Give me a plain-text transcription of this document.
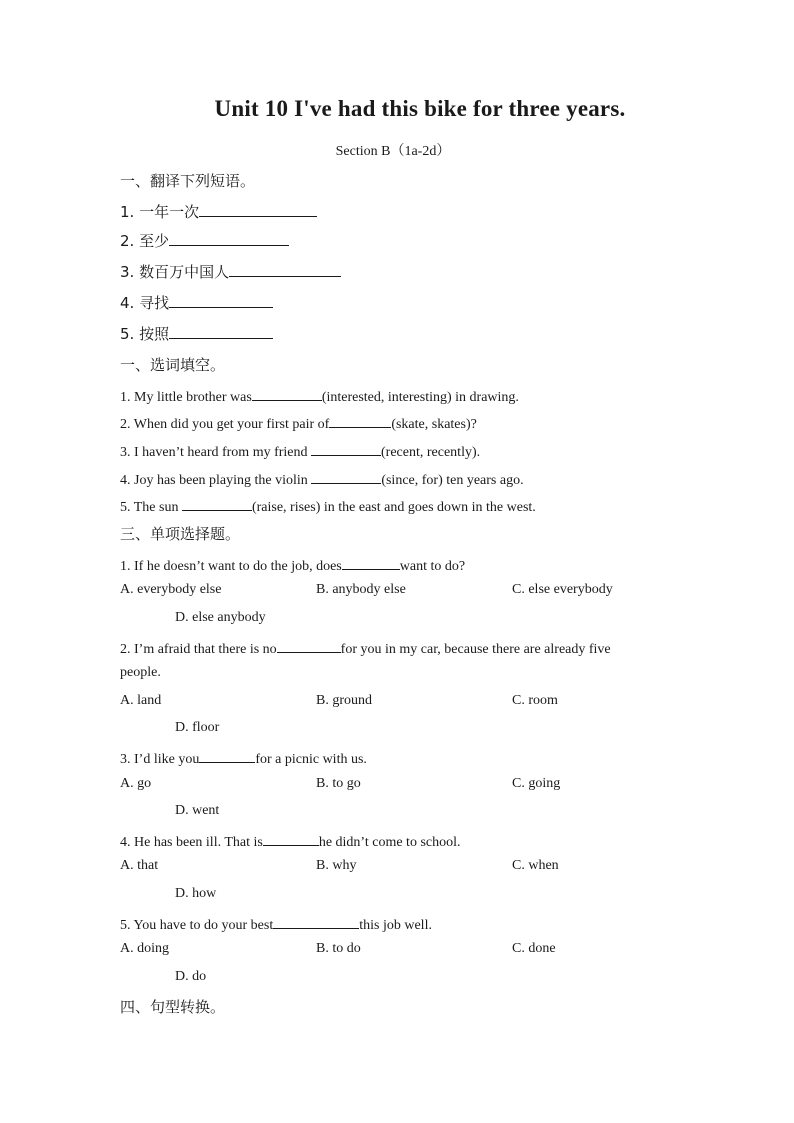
Unit 10 I've had this bike for three years.
Section B（1a-2d）
一、翻译下列短语。
1. 一年一次
2. 至少
3. 数百万中国人
4. 寻找
5. 按照
一、选词填空。
1. My little brother was	(interested, interesting) in drawing.
2. When did you get your first pair of	(skate, skates)?
3. I haven’t heard from my friend	(recent, recently).
4. Joy has been playing the violin	(since, for) ten years ago.
5. The sun	(raise, rises) in the east and goes down in the west.
三、单项选择题。
1. If he doesn’t want to do the job, does	want to do?
A. everybody else	B. anybody else	C. else everybody
D. else anybody
2. I’m afraid that there is no	for you in my car, because there are already five
people.
A. land	B. ground	C. room
D. floor
3. I’d like you	for a picnic with us.
A. go	B. to go	C. going
D. went
4. He has been ill. That is	he didn’t come to school.
A. that	B. why	C. when
D. how
5. You have to do your best	this job well.
A. doing	B. to do	C. done
D. do
四、句型转换。
